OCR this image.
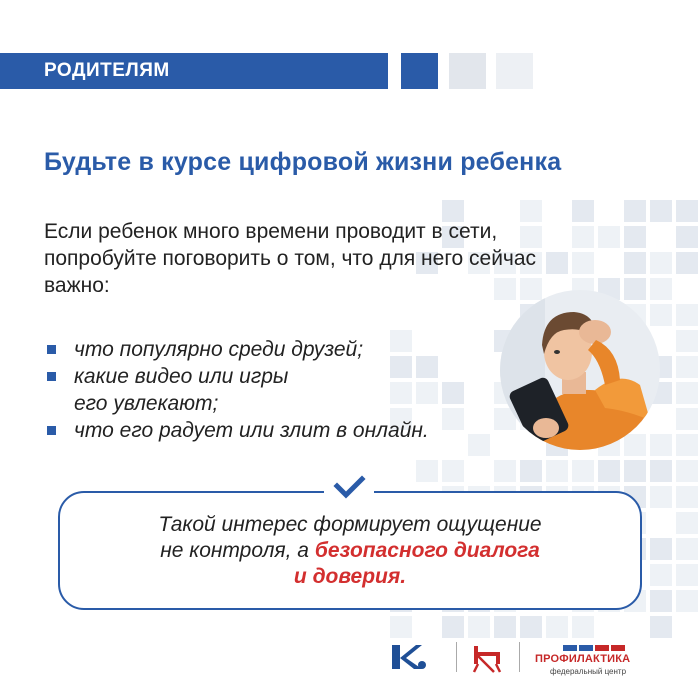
РОДИТЕЛЯМ
Будьте в курсе цифровой жизни ребенка

Если ребенок много времени проводит в сети,
попробуйте поговорить о том, что для него сейчас
важно:

что популярно среди друзей;
какие видео или игры
его увлекают;
что его радует или злит в онлайн.
Такой интерес формирует ощущение
не контроля, а безопасного диалога
и доверия.
ПРОФИЛАКТИКА
федеральный центр
